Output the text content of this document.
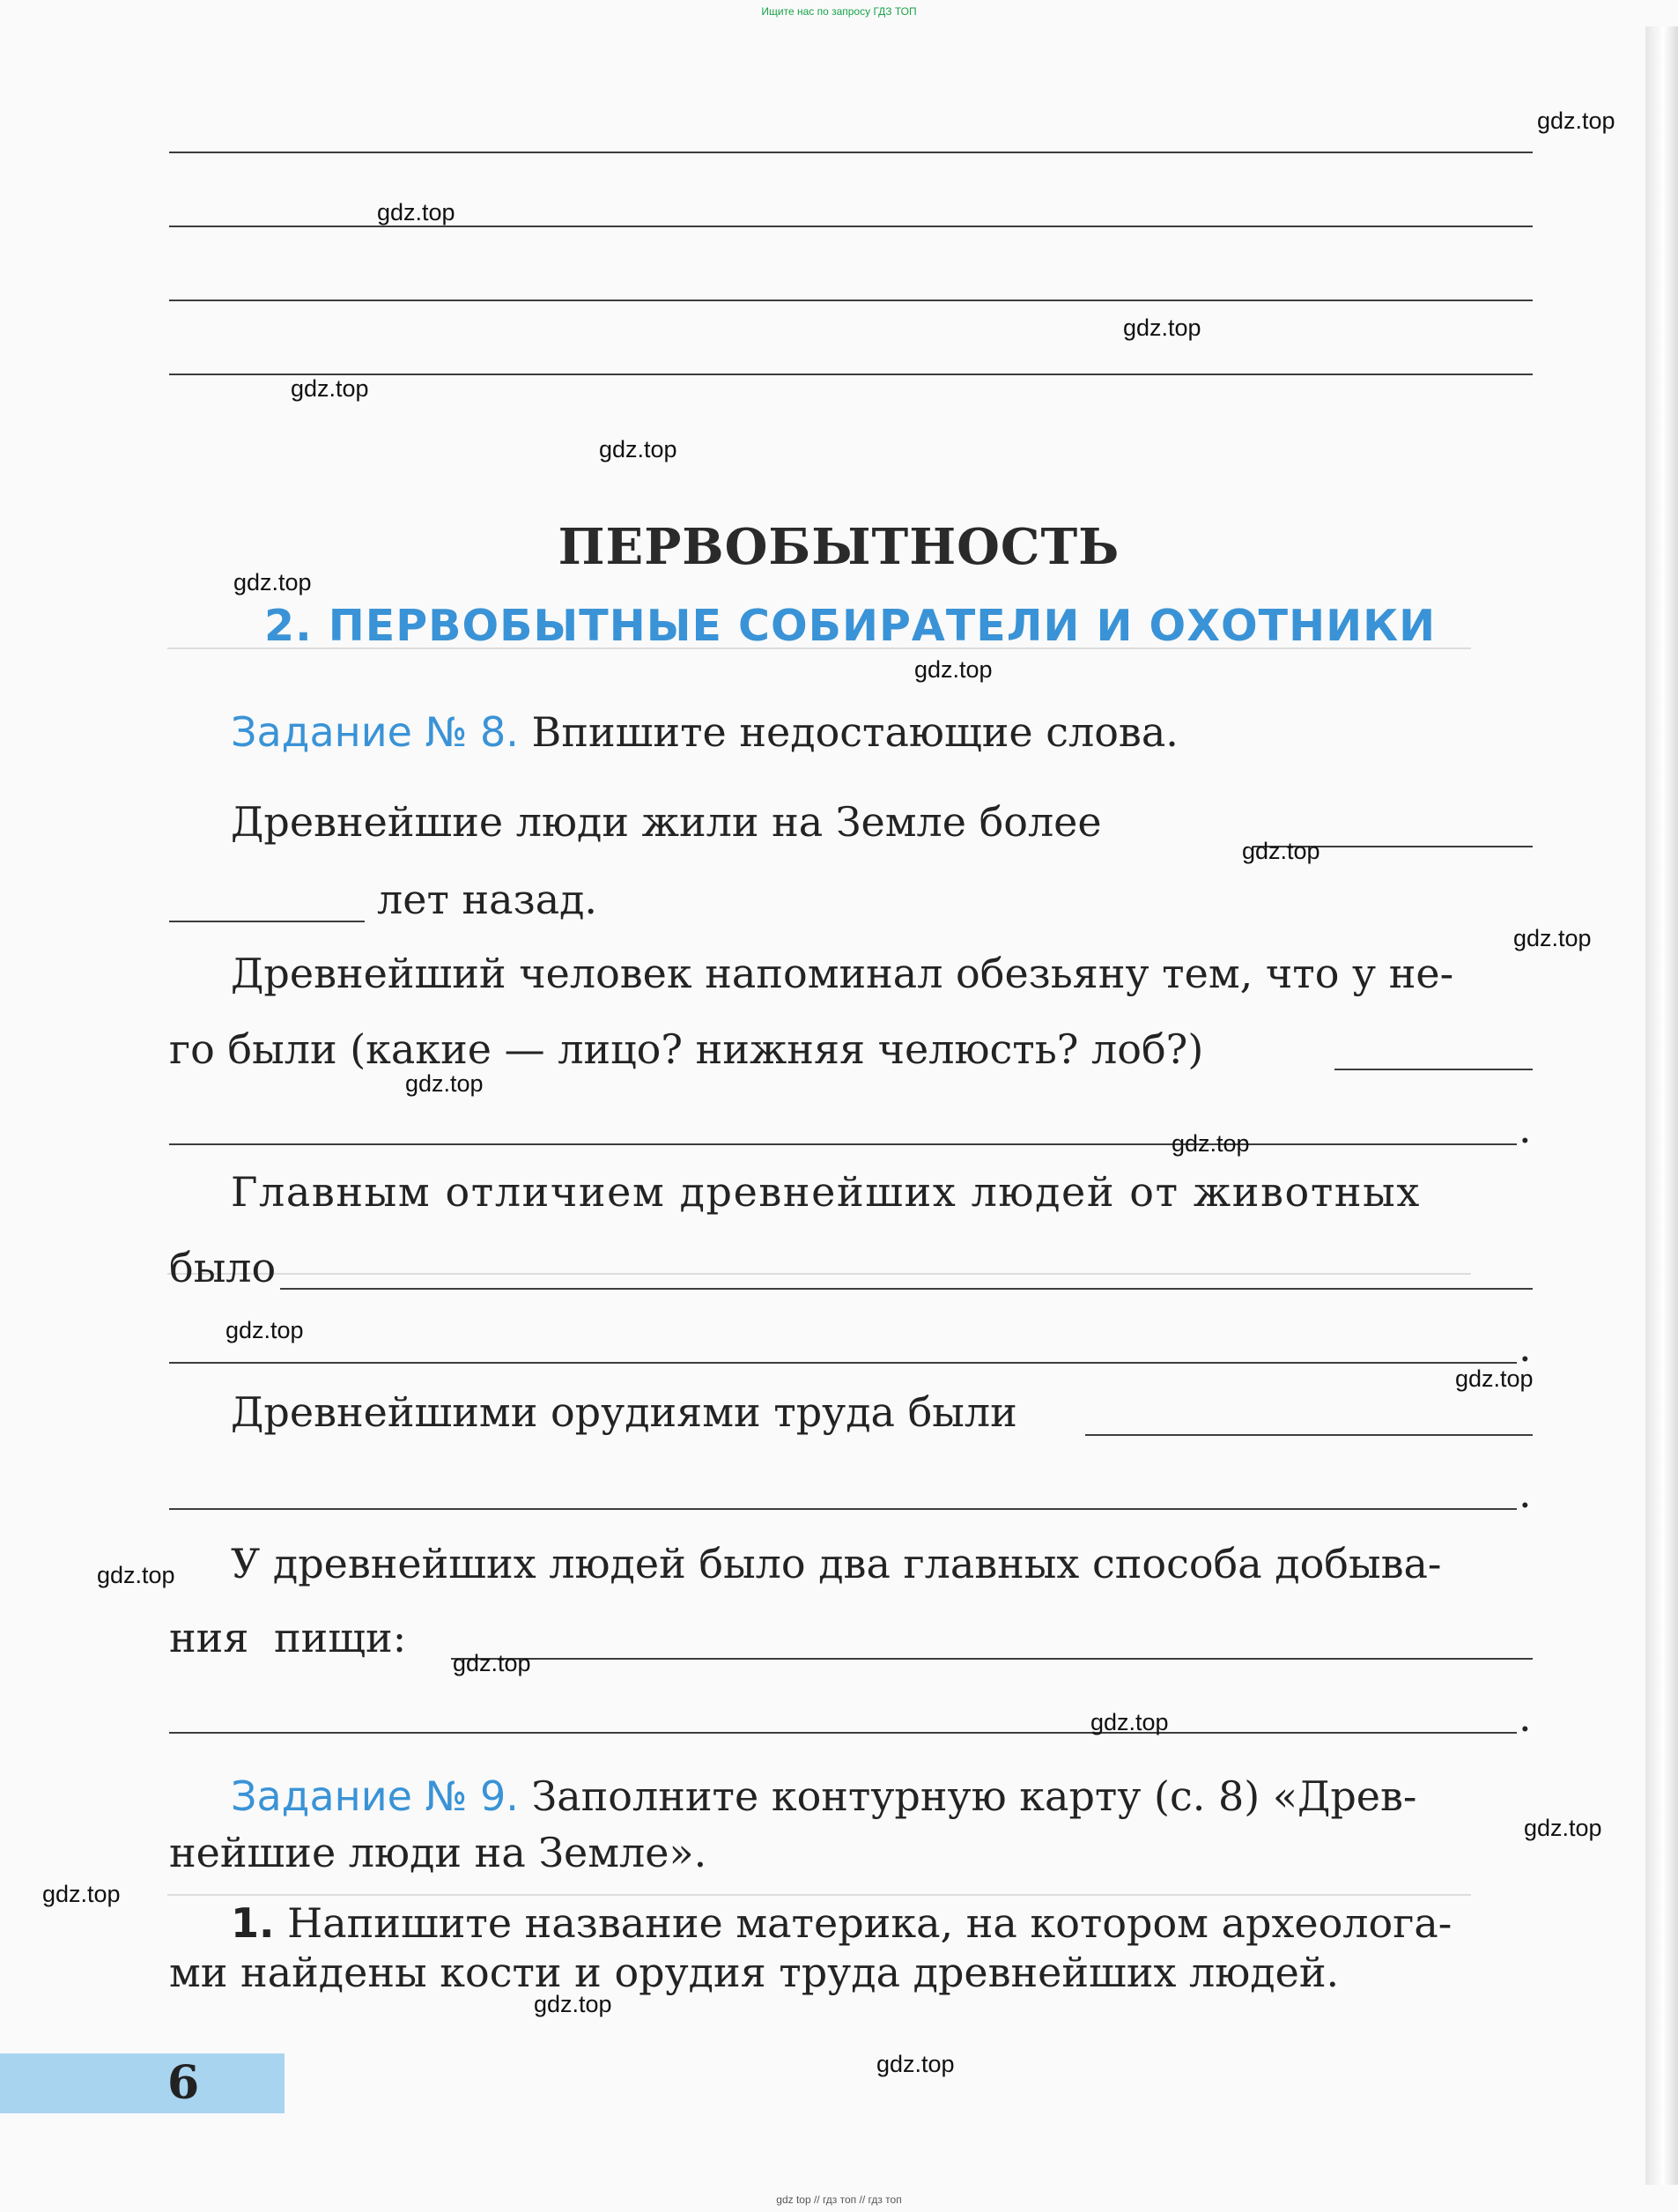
Ищите нас по запросу ГДЗ ТОП
ПЕРВОБЫТНОСТЬ
2. ПЕРВОБЫТНЫЕ СОБИРАТЕЛИ И ОХОТНИКИ
Задание № 8. Впишите недостающие слова.
Древнейшие люди жили на Земле более
лет назад.
Древнейший человек напоминал обезьяну тем, что у не-
го были (какие — лицо? нижняя челюсть? лоб?)
.
Главным отличием древнейших людей от животных
было
.
Древнейшими орудиями труда были
.
У древнейших людей было два главных способа добыва-
ния пищи:
.
Задание № 9. Заполните контурную карту (с. 8) «Древ-
нейшие люди на Земле».
1. Напишите название материка, на котором археолога-
ми найдены кости и орудия труда древнейших людей.
6
gdz.top
gdz.top
gdz.top
gdz.top
gdz.top
gdz.top
gdz.top
gdz.top
gdz.top
gdz.top
gdz.top
gdz.top
gdz.top
gdz.top
gdz.top
gdz.top
gdz.top
gdz.top
gdz.top
gdz.top
gdz top // гдз топ // гдз топ
